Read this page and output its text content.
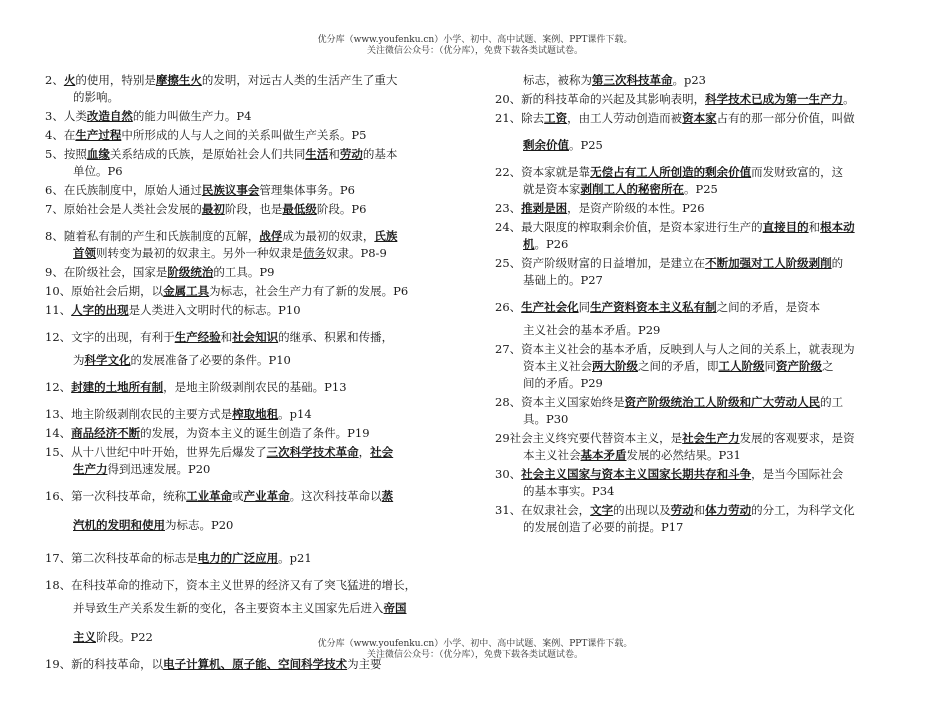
优分库（www.youfenku.cn）小学、初中、高中试题、案例、PPT课件下载。
关注微信公众号：（优分库），免费下载各类试题试卷。
2、火的使用，特别是摩擦生火的发明，对远古人类的生活产生了重大
的影响。
3、人类改造自然的能力叫做生产力。P4
4、在生产过程中所形成的人与人之间的关系叫做生产关系。P5
5、按照血缘关系结成的氏族，是原始社会人们共同生活和劳动的基本
单位。P6
6、在氏族制度中，原始人通过民族议事会管理集体事务。P6
7、原始社会是人类社会发展的最初阶段，也是最低级阶段。P6
8、随着私有制的产生和氏族制度的瓦解，战俘成为最初的奴隶，氏族
首领则转变为最初的奴隶主。另外一种奴隶是债务奴隶。P8-9
9、在阶级社会，国家是阶级统治的工具。P9
10、原始社会后期，以金属工具为标志，社会生产力有了新的发展。P6
11、人字的出现是人类进入文明时代的标志。P10
12、文字的出现，有利于生产经验和社会知识的继承、积累和传播，
为科学文化的发展准备了必要的条件。P10
12、封建的土地所有制，是地主阶级剥削农民的基础。P13
13、地主阶级剥削农民的主要方式是榨取地租。p14
14、商品经济不断的发展，为资本主义的诞生创造了条件。P19
15、从十八世纪中叶开始，世界先后爆发了三次科学技术革命，社会
生产力得到迅速发展。P20
16、第一次科技革命，统称工业革命或产业革命。这次科技革命以蒸
汽机的发明和使用为标志。P20
17、第二次科技革命的标志是电力的广泛应用。p21
18、在科技革命的推动下，资本主义世界的经济又有了突飞猛进的增长，
并导致生产关系发生新的变化，各主要资本主义国家先后进入帝国
主义阶段。P22
19、新的科技革命，以电子计算机、原子能、空间科学技术为主要
标志，被称为第三次科技革命。p23
20、新的科技革命的兴起及其影响表明，科学技术已成为第一生产力。
21、除去工资，由工人劳动创造而被资本家占有的那一部分价值，叫做
剩余价值。P25
22、资本家就是靠无偿占有工人所创造的剩余价值而发财致富的，这
就是资本家剥削工人的秘密所在。P25
23、推剥是困，是资产阶级的本性。P26
24、最大限度的榨取剩余价值，是资本家进行生产的直接目的和根本动
机。P26
25、资产阶级财富的日益增加，是建立在不断加强对工人阶级剥削的
基础上的。P27
26、生产社会化同生产资料资本主义私有制之间的矛盾，是资本
主义社会的基本矛盾。P29
27、资本主义社会的基本矛盾，反映到人与人之间的关系上，就表现为
资本主义社会两大阶级之间的矛盾，即工人阶级同资产阶级之
间的矛盾。P29
28、资本主义国家始终是资产阶级统治工人阶级和广大劳动人民的工
具。P30
29社会主义终究要代替资本主义，是社会生产力发展的客观要求，是资
本主义社会基本矛盾发展的必然结果。P31
30、社会主义国家与资本主义国家长期共存和斗争，是当今国际社会
的基本事实。P34
31、在奴隶社会，文字的出现以及劳动和体力劳动的分工，为科学文化
的发展创造了必要的前提。P17
优分库（www.youfenku.cn）小学、初中、高中试题、案例、PPT课件下载。
关注微信公众号：（优分库），免费下载各类试题试卷。
